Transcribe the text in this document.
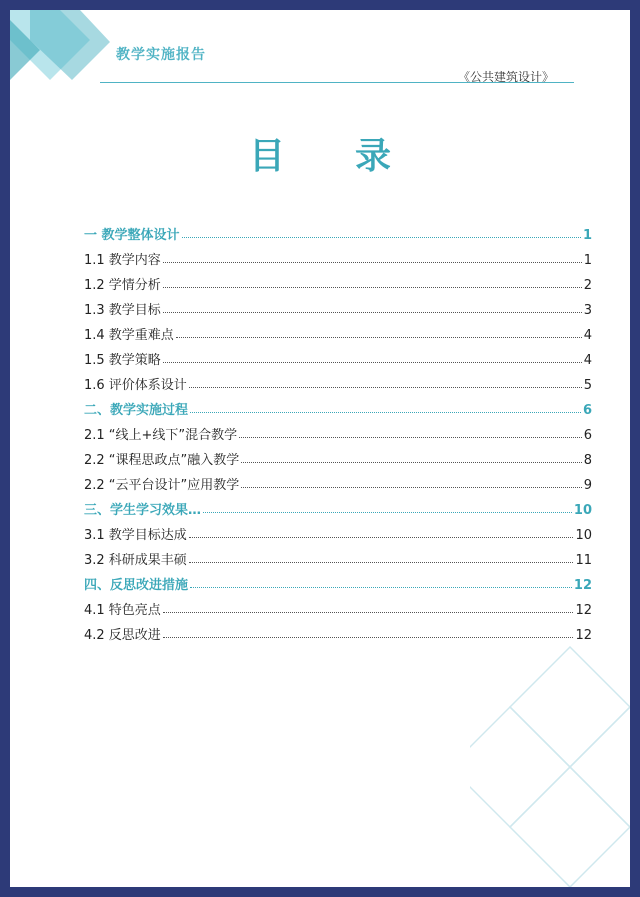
教学实施报告
《公共建筑设计》
目录
一 教学整体设计	1
1.1 教学内容	1
1.2 学情分析	2
1.3 教学目标	3
1.4 教学重难点	4
1.5 教学策略	4
1.6 评价体系设计	5
二、教学实施过程	6
2.1 “线上+线下”混合教学	6
2.2 “课程思政点”融入教学	8
2.2 “云平台设计”应用教学	9
三、学生学习效果…	10
3.1 教学目标达成	10
3.2 科研成果丰硕	11
四、反思改进措施	12
4.1 特色亮点	12
4.2 反思改进	12
